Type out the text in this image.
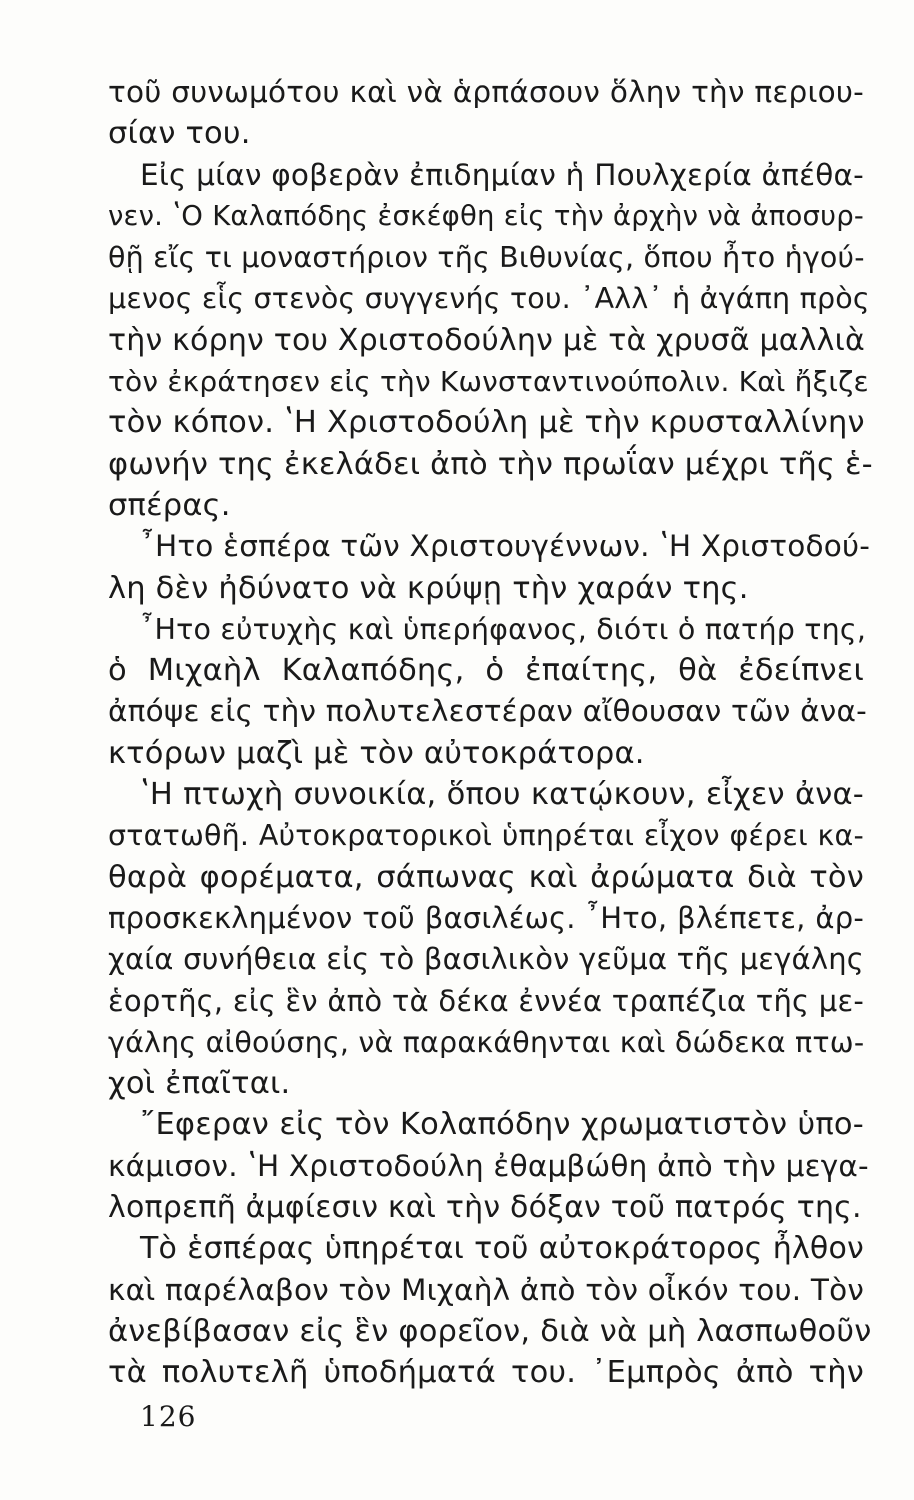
τοῦ συνωμότου καὶ νὰ ἁρπάσουν ὅλην τὴν περιου-
σίαν του.
Εἰς μίαν φοβερὰν ἐπιδημίαν ἡ Πουλχερία ἀπέθα-
νεν. ʽΟ Καλαπόδης ἐσκέφθη εἰς τὴν ἀρχὴν νὰ ἀποσυρ-
θῇ εἴς τι μοναστήριον τῆς Βιθυνίας, ὅπου ἦτο ἡγού-
μενος εἷς στενὸς συγγενής του. ᾿Αλλ᾿ ἡ ἀγάπη πρὸς
τὴν κόρην του Χριστοδούλην μὲ τὰ χρυσᾶ μαλλιὰ
τὸν ἐκράτησεν εἰς τὴν Κωνσταντινούπολιν. Καὶ ἤξιζε
τὸν κόπον. ʽΗ Χριστοδούλη μὲ τὴν κρυσταλλίνην
φωνήν της ἐκελάδει ἀπὸ τὴν πρωΐαν μέχρι τῆς ἑ-
σπέρας.
῏Ητο ἑσπέρα τῶν Χριστουγέννων. ʽΗ Χριστοδού-
λη δὲν ἠδύνατο νὰ κρύψῃ τὴν χαράν της.
῏Ητο εὐτυχὴς καὶ ὑπερήφανος, διότι ὁ πατήρ της,
ὁ Μιχαὴλ Καλαπόδης, ὁ ἐπαίτης, θὰ ἐδείπνει
ἀπόψε εἰς τὴν πολυτελεστέραν αἴθουσαν τῶν ἀνα-
κτόρων μαζὶ μὲ τὸν αὐτοκράτορα.
ʽΗ πτωχὴ συνοικία, ὅπου κατῴκουν, εἶχεν ἀνα-
στατωθῆ. Αὐτοκρατορικοὶ ὑπηρέται εἶχον φέρει κα-
θαρὰ φορέματα, σάπωνας καὶ ἀρώματα διὰ τὸν
προσκεκλημένον τοῦ βασιλέως. ῏Ητο, βλέπετε, ἀρ-
χαία συνήθεια εἰς τὸ βασιλικὸν γεῦμα τῆς μεγάλης
ἑορτῆς, εἰς ἓν ἀπὸ τὰ δέκα ἐννέα τραπέζια τῆς με-
γάλης αἰθούσης, νὰ παρακάθηνται καὶ δώδεκα πτω-
χοὶ ἐπαῖται.
῎Εφεραν εἰς τὸν Κολαπόδην χρωματιστὸν ὑπο-
κάμισον. ʽΗ Χριστοδούλη ἐθαμβώθη ἀπὸ τὴν μεγα-
λοπρεπῆ ἀμφίεσιν καὶ τὴν δόξαν τοῦ πατρός της.
Τὸ ἑσπέρας ὑπηρέται τοῦ αὐτοκράτορος ἦλθον
καὶ παρέλαβον τὸν Μιχαὴλ ἀπὸ τὸν οἶκόν του. Τὸν
ἀνεβίβασαν εἰς ἓν φορεῖον, διὰ νὰ μὴ λασπωθοῦν
τὰ πολυτελῆ ὑποδήματά του. ᾿Εμπρὸς ἀπὸ τὴν
126
